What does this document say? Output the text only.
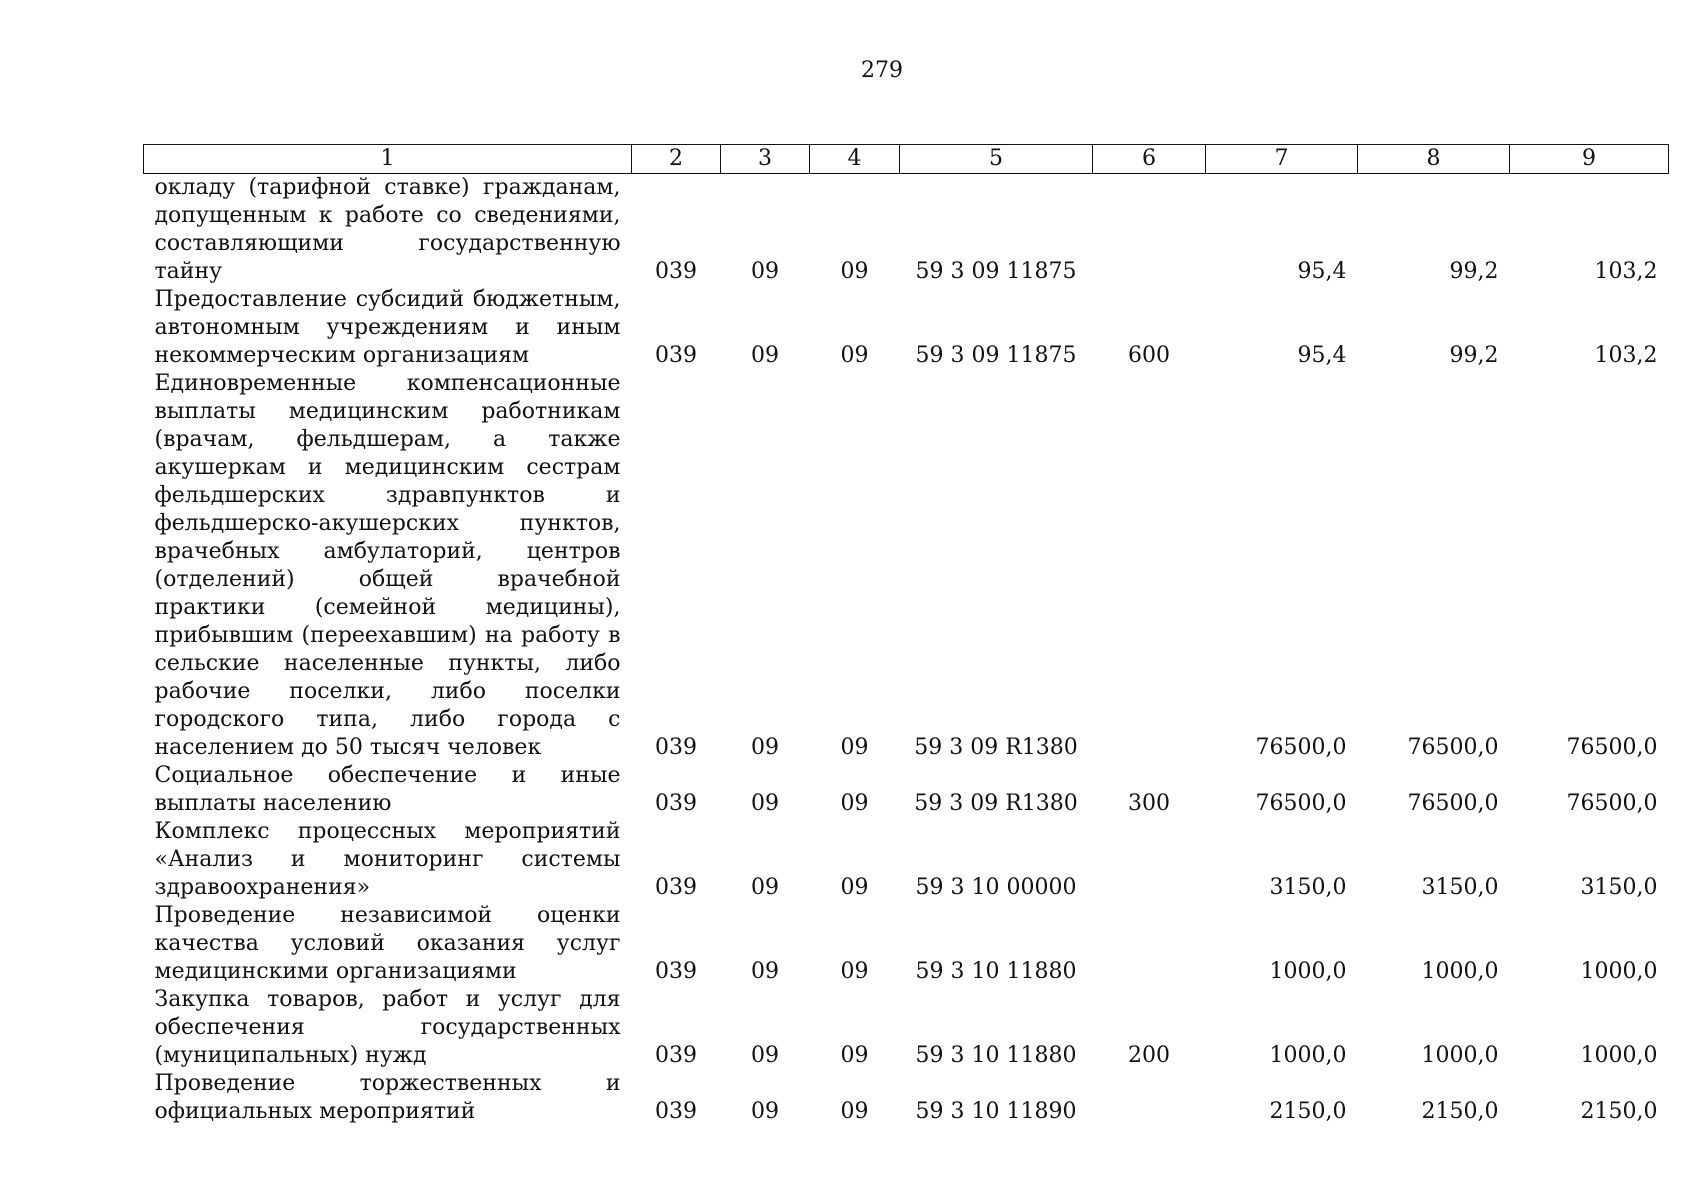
279
1	2	3	4	5	6	7	8	9
окладу (тарифной ставке) гражданам, допущенным к работе со сведениями, составляющими государственную тайну	039	09	09	59 3 09 11875		95,4	99,2	103,2
Предоставление субсидий бюджетным, автономным учреждениям и иным некоммерческим организациям	039	09	09	59 3 09 11875	600	95,4	99,2	103,2
Единовременные компенсационные выплаты медицинским работникам (врачам, фельдшерам, а также акушеркам и медицинским сестрам фельдшерских здравпунктов и фельдшерско-акушерских пунктов, врачебных амбулаторий, центров (отделений) общей врачебной практики (семейной медицины), прибывшим (переехавшим) на работу в сельские населенные пункты, либо рабочие поселки, либо поселки городского типа, либо города с населением до 50 тысяч человек	039	09	09	59 3 09 R1380		76500,0	76500,0	76500,0
Социальное обеспечение и иные выплаты населению	039	09	09	59 3 09 R1380	300	76500,0	76500,0	76500,0
Комплекс процессных мероприятий «Анализ и мониторинг системы здравоохранения»	039	09	09	59 3 10 00000		3150,0	3150,0	3150,0
Проведение независимой оценки качества условий оказания услуг медицинскими организациями	039	09	09	59 3 10 11880		1000,0	1000,0	1000,0
Закупка товаров, работ и услуг для обеспечения государственных (муниципальных) нужд	039	09	09	59 3 10 11880	200	1000,0	1000,0	1000,0
Проведение торжественных и официальных мероприятий	039	09	09	59 3 10 11890		2150,0	2150,0	2150,0
